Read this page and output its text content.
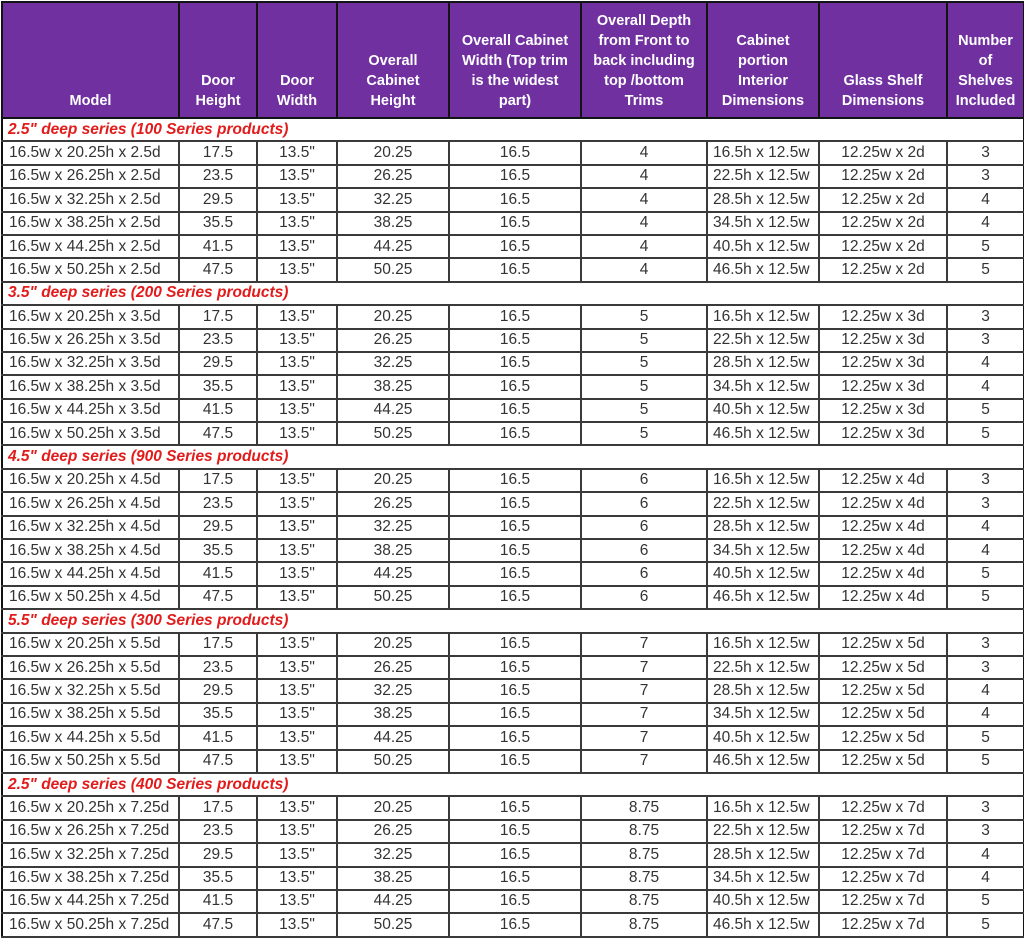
Model	Door Height	Door Width	Overall Cabinet Height	Overall Cabinet Width (Top trim is the widest part)	Overall Depth from Front to back including top /bottom Trims	Cabinet portion Interior Dimensions	Glass Shelf Dimensions	Number of Shelves Included
2.5" deep series (100 Series products)								
16.5w x 20.25h x 2.5d	17.5	13.5"	20.25	16.5	4	16.5h x 12.5w	12.25w x 2d	3
16.5w x 26.25h x 2.5d	23.5	13.5"	26.25	16.5	4	22.5h x 12.5w	12.25w x 2d	3
16.5w x 32.25h x 2.5d	29.5	13.5"	32.25	16.5	4	28.5h x 12.5w	12.25w x 2d	4
16.5w x 38.25h x 2.5d	35.5	13.5"	38.25	16.5	4	34.5h x 12.5w	12.25w x 2d	4
16.5w x 44.25h x 2.5d	41.5	13.5"	44.25	16.5	4	40.5h x 12.5w	12.25w x 2d	5
16.5w x 50.25h x 2.5d	47.5	13.5"	50.25	16.5	4	46.5h x 12.5w	12.25w x 2d	5
3.5" deep series (200 Series products)								
16.5w x 20.25h x 3.5d	17.5	13.5"	20.25	16.5	5	16.5h x 12.5w	12.25w x 3d	3
16.5w x 26.25h x 3.5d	23.5	13.5"	26.25	16.5	5	22.5h x 12.5w	12.25w x 3d	3
16.5w x 32.25h x 3.5d	29.5	13.5"	32.25	16.5	5	28.5h x 12.5w	12.25w x 3d	4
16.5w x 38.25h x 3.5d	35.5	13.5"	38.25	16.5	5	34.5h x 12.5w	12.25w x 3d	4
16.5w x 44.25h x 3.5d	41.5	13.5"	44.25	16.5	5	40.5h x 12.5w	12.25w x 3d	5
16.5w x 50.25h x 3.5d	47.5	13.5"	50.25	16.5	5	46.5h x 12.5w	12.25w x 3d	5
4.5" deep series (900 Series products)								
16.5w x 20.25h x 4.5d	17.5	13.5"	20.25	16.5	6	16.5h x 12.5w	12.25w x 4d	3
16.5w x 26.25h x 4.5d	23.5	13.5"	26.25	16.5	6	22.5h x 12.5w	12.25w x 4d	3
16.5w x 32.25h x 4.5d	29.5	13.5"	32.25	16.5	6	28.5h x 12.5w	12.25w x 4d	4
16.5w x 38.25h x 4.5d	35.5	13.5"	38.25	16.5	6	34.5h x 12.5w	12.25w x 4d	4
16.5w x 44.25h x 4.5d	41.5	13.5"	44.25	16.5	6	40.5h x 12.5w	12.25w x 4d	5
16.5w x 50.25h x 4.5d	47.5	13.5"	50.25	16.5	6	46.5h x 12.5w	12.25w x 4d	5
5.5" deep series (300 Series products)								
16.5w x 20.25h x 5.5d	17.5	13.5"	20.25	16.5	7	16.5h x 12.5w	12.25w x 5d	3
16.5w x 26.25h x 5.5d	23.5	13.5"	26.25	16.5	7	22.5h x 12.5w	12.25w x 5d	3
16.5w x 32.25h x 5.5d	29.5	13.5"	32.25	16.5	7	28.5h x 12.5w	12.25w x 5d	4
16.5w x 38.25h x 5.5d	35.5	13.5"	38.25	16.5	7	34.5h x 12.5w	12.25w x 5d	4
16.5w x 44.25h x 5.5d	41.5	13.5"	44.25	16.5	7	40.5h x 12.5w	12.25w x 5d	5
16.5w x 50.25h x 5.5d	47.5	13.5"	50.25	16.5	7	46.5h x 12.5w	12.25w x 5d	5
2.5" deep series (400 Series products)								
16.5w x 20.25h x 7.25d	17.5	13.5"	20.25	16.5	8.75	16.5h x 12.5w	12.25w x 7d	3
16.5w x 26.25h x 7.25d	23.5	13.5"	26.25	16.5	8.75	22.5h x 12.5w	12.25w x 7d	3
16.5w x 32.25h x 7.25d	29.5	13.5"	32.25	16.5	8.75	28.5h x 12.5w	12.25w x 7d	4
16.5w x 38.25h x 7.25d	35.5	13.5"	38.25	16.5	8.75	34.5h x 12.5w	12.25w x 7d	4
16.5w x 44.25h x 7.25d	41.5	13.5"	44.25	16.5	8.75	40.5h x 12.5w	12.25w x 7d	5
16.5w x 50.25h x 7.25d	47.5	13.5"	50.25	16.5	8.75	46.5h x 12.5w	12.25w x 7d	5
